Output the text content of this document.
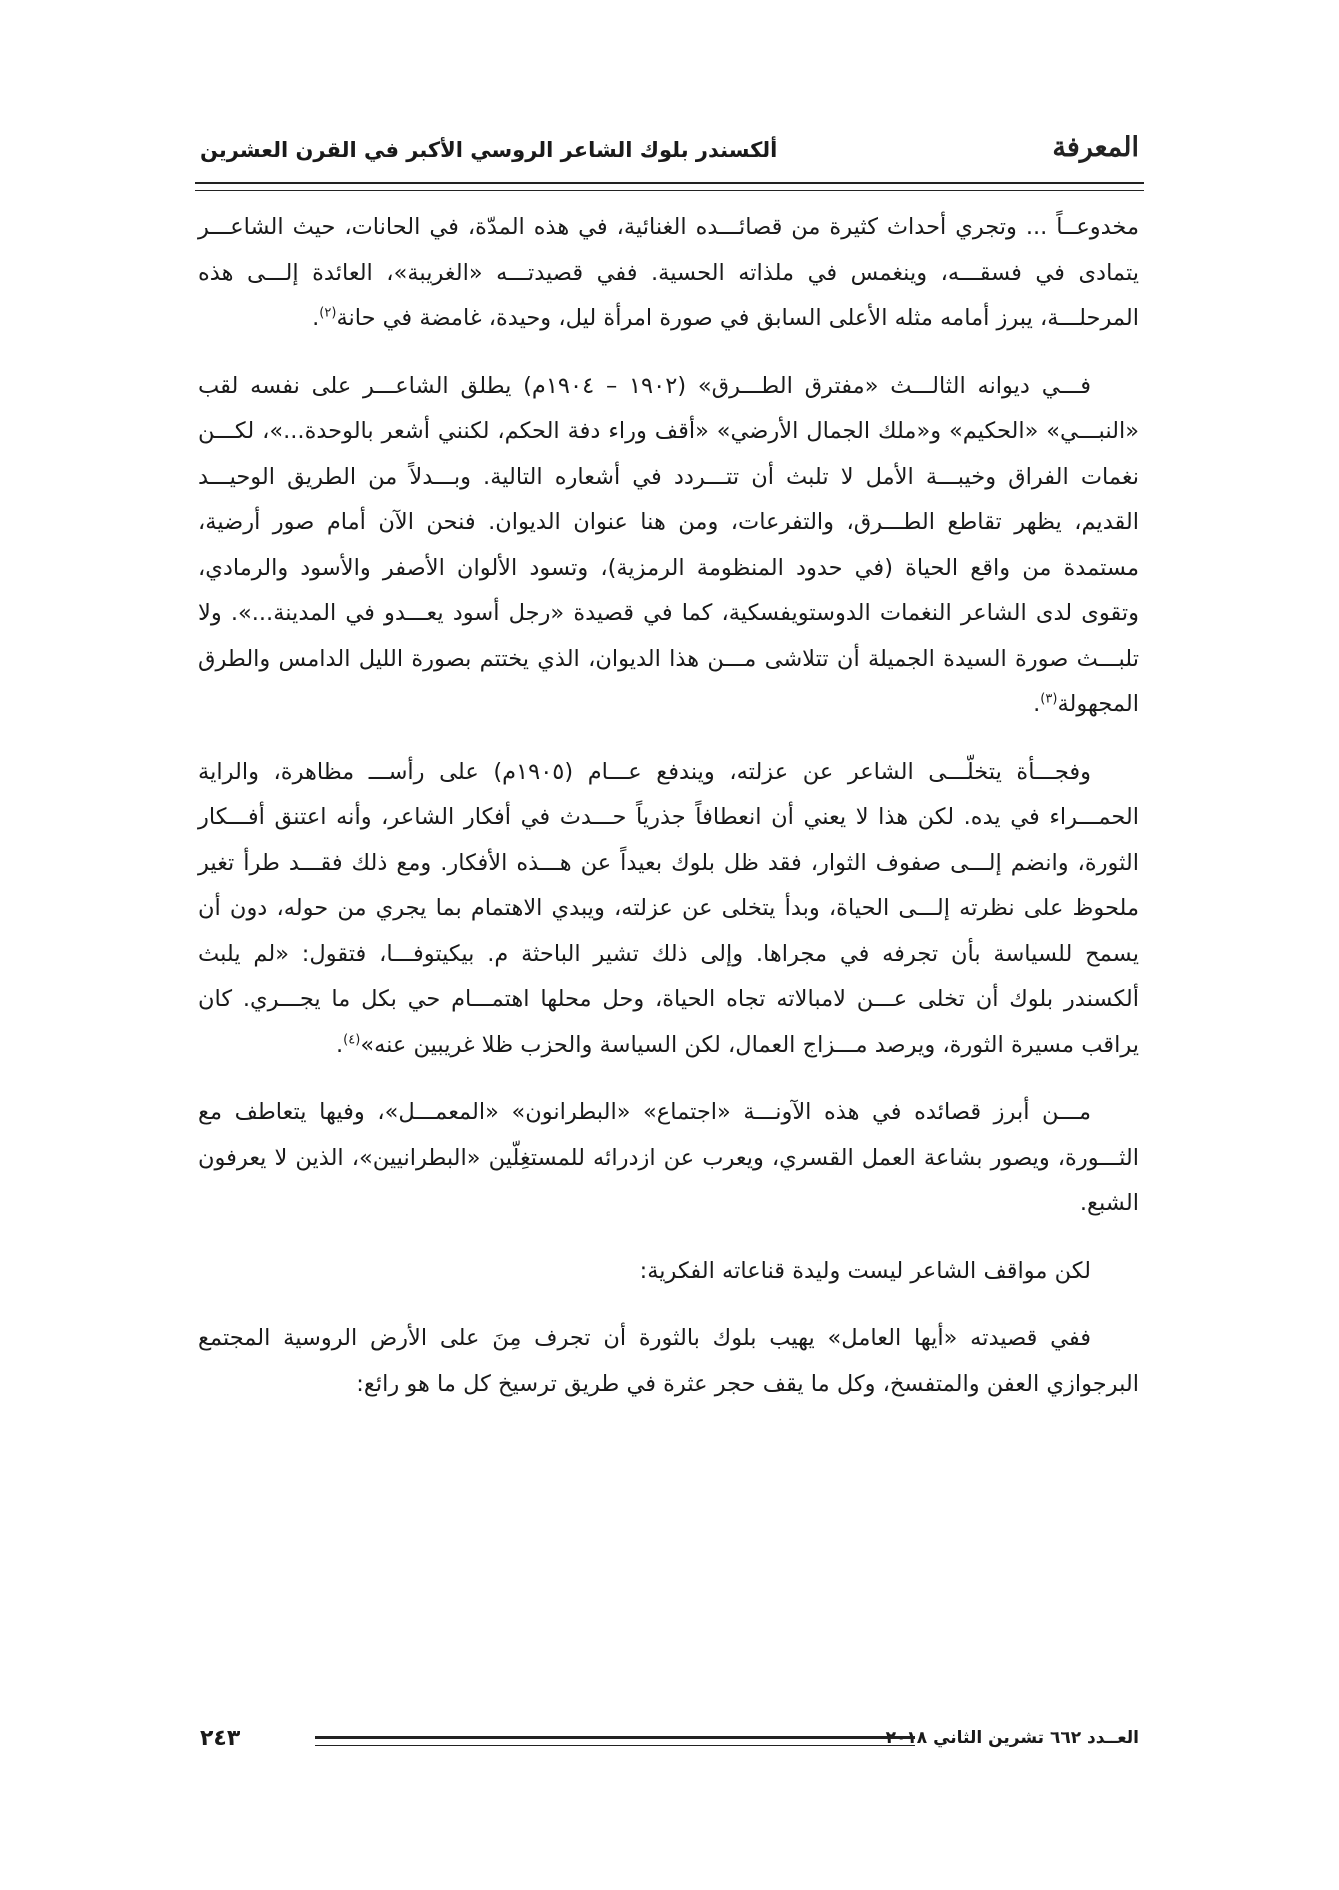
المعرفة
ألكسندر بلوك الشاعر الروسي الأكبر في القرن العشرين

مخدوعــاً ... وتجري أحداث كثيرة من قصائـــده الغنائية، في هذه المدّة، في الحانات، حيث الشاعـــر يتمادى في فسقـــه، وينغمس في ملذاته الحسية. ففي قصيدتـــه «الغريبة»، العائدة إلـــى هذه المرحلـــة، يبرز أمامه مثله الأعلى السابق في صورة امرأة ليل، وحيدة، غامضة في حانة$^{(٢)}$.

فـــي ديوانه الثالـــث «مفترق الطـــرق» (١٩٠٢ – ١٩٠٤م) يطلق الشاعـــر على نفسه لقب «النبـــي» «الحكيم» و«ملك الجمال الأرضي» «أقف وراء دفة الحكم، لكنني أشعر بالوحدة...»، لكـــن نغمات الفراق وخيبـــة الأمل لا تلبث أن تتـــردد في أشعاره التالية. وبـــدلاً من الطريق الوحيـــد القديم، يظهر تقاطع الطـــرق، والتفرعات، ومن هنا عنوان الديوان. فنحن الآن أمام صور أرضية، مستمدة من واقع الحياة (في حدود المنظومة الرمزية)، وتسود الألوان الأصفر والأسود والرمادي، وتقوى لدى الشاعر النغمات الدوستويفسكية، كما في قصيدة «رجل أسود يعـــدو في المدينة...». ولا تلبـــث صورة السيدة الجميلة أن تتلاشى مـــن هذا الديوان، الذي يختتم بصورة الليل الدامس والطرق المجهولة$^{(٣)}$.

وفجـــأة يتخلّـــى الشاعر عن عزلته، ويندفع عـــام (١٩٠٥م) على رأســـ مظاهرة، والراية الحمـــراء في يده. لكن هذا لا يعني أن انعطافاً جذرياً حـــدث في أفكار الشاعر، وأنه اعتنق أفـــكار الثورة، وانضم إلـــى صفوف الثوار، فقد ظل بلوك بعيداً عن هـــذه الأفكار. ومع ذلك فقـــد طرأ تغير ملحوظ على نظرته إلـــى الحياة، وبدأ يتخلى عن عزلته، ويبدي الاهتمام بما يجري من حوله، دون أن يسمح للسياسة بأن تجرفه في مجراها. وإلى ذلك تشير الباحثة م. بيكيتوفـــا، فتقول: «لم يلبث ألكسندر بلوك أن تخلى عـــن لامبالاته تجاه الحياة، وحل محلها اهتمـــام حي بكل ما يجـــري. كان يراقب مسيرة الثورة، ويرصد مـــزاج العمال، لكن السياسة والحزب ظلا غريبين عنه»$^{(٤)}$.

مـــن أبرز قصائده في هذه الآونـــة «اجتماع» «البطرانون» «المعمـــل»، وفيها يتعاطف مع الثـــورة، ويصور بشاعة العمل القسري، ويعرب عن ازدرائه للمستغِلّين «البطرانيين»، الذين لا يعرفون الشبع.

لكن مواقف الشاعر ليست وليدة قناعاته الفكرية:

ففي قصيدته «أيها العامل» يهيب بلوك بالثورة أن تجرف مِنَ على الأرض الروسية المجتمع البرجوازي العفن والمتفسخ، وكل ما يقف حجر عثرة في طريق ترسيخ كل ما هو رائع:

العــدد ٦٦٢ تشرين الثاني ٢٠١٨
٢٤٣
